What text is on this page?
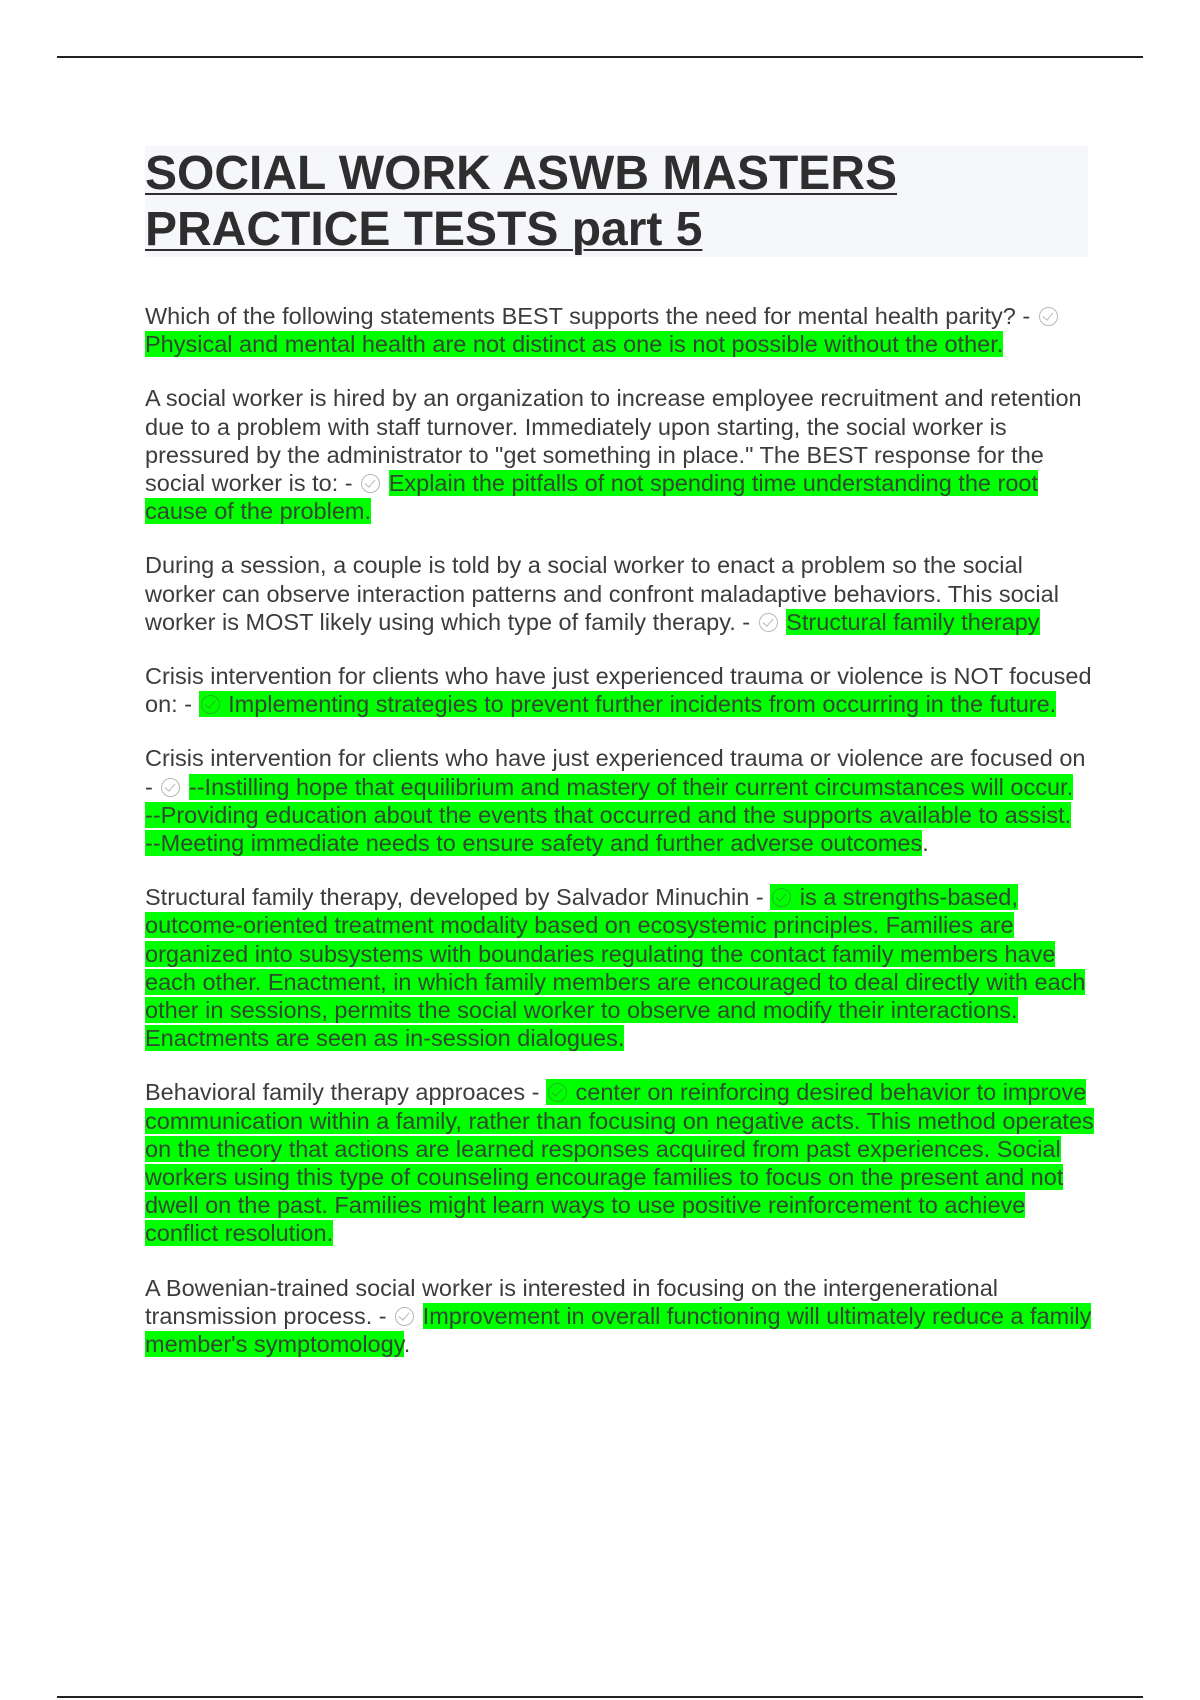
SOCIAL WORK ASWB MASTERS
PRACTICE TESTS part 5

Which of the following statements BEST supports the need for mental health parity? -  Physical and mental health are not distinct as one is not possible without the other.

A social worker is hired by an organization to increase employee recruitment and retention due to a problem with staff turnover. Immediately upon starting, the social worker is pressured by the administrator to "get something in place." The BEST response for the social worker is to: - Explain the pitfalls of not spending time understanding the root cause of the problem.

During a session, a couple is told by a social worker to enact a problem so the social worker can observe interaction patterns and confront maladaptive behaviors. This social worker is MOST likely using which type of family therapy. - Structural family therapy

Crisis intervention for clients who have just experienced trauma or violence is NOT focused on: - Implementing strategies to prevent further incidents from occurring in the future.

Crisis intervention for clients who have just experienced trauma or violence are focused on - --Instilling hope that equilibrium and mastery of their current circumstances will occur.
--Providing education about the events that occurred and the supports available to assist.
--Meeting immediate needs to ensure safety and further adverse outcomes.

Structural family therapy, developed by Salvador Minuchin - is a strengths-based, outcome-oriented treatment modality based on ecosystemic principles. Families are organized into subsystems with boundaries regulating the contact family members have each other. Enactment, in which family members are encouraged to deal directly with each other in sessions, permits the social worker to observe and modify their interactions. Enactments are seen as in-session dialogues.

Behavioral family therapy approaces - center on reinforcing desired behavior to improve communication within a family, rather than focusing on negative acts. This method operates on the theory that actions are learned responses acquired from past experiences. Social workers using this type of counseling encourage families to focus on the present and not dwell on the past. Families might learn ways to use positive reinforcement to achieve conflict resolution.

A Bowenian-trained social worker is interested in focusing on the intergenerational transmission process. - Improvement in overall functioning will ultimately reduce a family member's symptomology.
